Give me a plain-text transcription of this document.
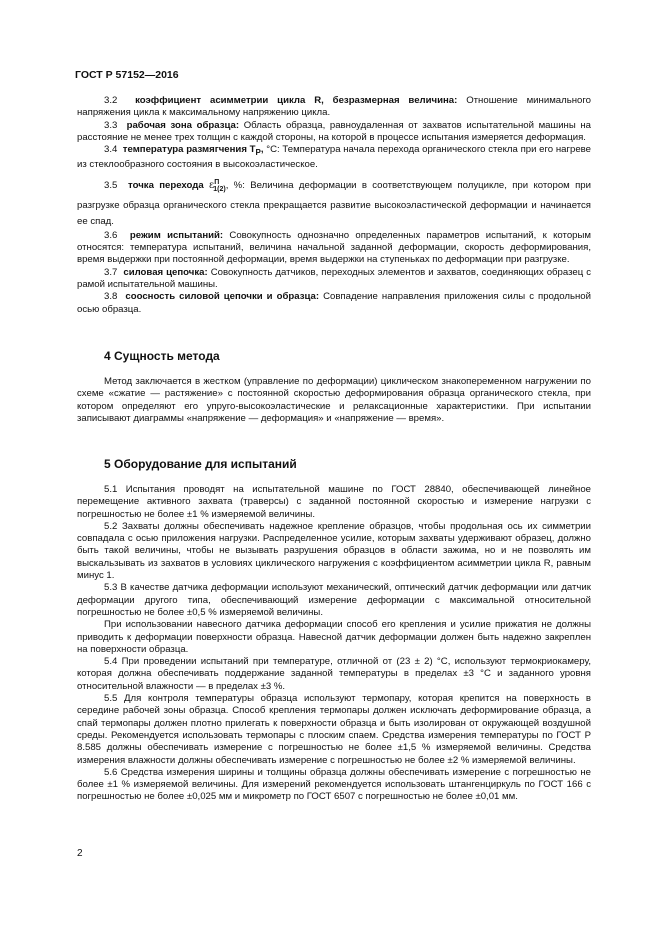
ГОСТ Р 57152—2016

3.2 коэффициент асимметрии цикла R, безразмерная величина: Отношение минимального напряжения цикла к максимальному напряжению цикла.

3.3 рабочая зона образца: Область образца, равноудаленная от захватов испытательной машины на расстояние не менее трех толщин с каждой стороны, на которой в процессе испытания измеряется деформация.

3.4 температура размягчения $T_P$, °С: Температура начала перехода органического стекла при его нагреве из стеклообразного состояния в высокоэластическое.

3.5 точка перехода $\varepsilon^П_{1(2)}$, %: Величина деформации в соответствующем полуцикле, при котором при разгрузке образца органического стекла прекращается развитие высокоэластической деформации и начинается ее спад.

3.6 режим испытаний: Совокупность однозначно определенных параметров испытаний, к которым относятся: температура испытаний, величина начальной заданной деформации, скорость деформирования, время выдержки при постоянной деформации, время выдержки на ступеньках по деформации при разгрузке.

3.7 силовая цепочка: Совокупность датчиков, переходных элементов и захватов, соединяющих образец с рамой испытательной машины.

3.8 соосность силовой цепочки и образца: Совпадение направления приложения силы с продольной осью образца.

4 Сущность метода

Метод заключается в жестком (управление по деформации) циклическом знакопеременном нагружении по схеме «сжатие — растяжение» с постоянной скоростью деформирования образца органического стекла, при котором определяют его упруго-высокоэластические и релаксационные характеристики. При испытании записывают диаграммы «напряжение — деформация» и «напряжение — время».

5 Оборудование для испытаний

5.1 Испытания проводят на испытательной машине по ГОСТ 28840, обеспечивающей линейное перемещение активного захвата (траверсы) с заданной постоянной скоростью и измерение нагрузки с погрешностью не более ±1 % измеряемой величины.

5.2 Захваты должны обеспечивать надежное крепление образцов, чтобы продольная ось их симметрии совпадала с осью приложения нагрузки. Распределенное усилие, которым захваты удерживают образец, должно быть такой величины, чтобы не вызывать разрушения образцов в области зажима, но и не позволять им выскальзывать из захватов в условиях циклического нагружения с коэффициентом асимметрии цикла R, равным минус 1.

5.3 В качестве датчика деформации используют механический, оптический датчик деформации или датчик деформации другого типа, обеспечивающий измерение деформации с максимальной относительной погрешностью не более ±0,5 % измеряемой величины.

При использовании навесного датчика деформации способ его крепления и усилие прижатия не должны приводить к деформации поверхности образца. Навесной датчик деформации должен быть надежно закреплен на поверхности образца.

5.4 При проведении испытаний при температуре, отличной от (23 ± 2) °С, используют термокриокамеру, которая должна обеспечивать поддержание заданной температуры в пределах ±3 °С и заданного уровня относительной влажности — в пределах ±3 %.

5.5 Для контроля температуры образца используют термопару, которая крепится на поверхность в середине рабочей зоны образца. Способ крепления термопары должен исключать деформирование образца, а спай термопары должен плотно прилегать к поверхности образца и быть изолирован от окружающей воздушной среды. Рекомендуется использовать термопары с плоским спаем. Средства измерения температуры по ГОСТ Р 8.585 должны обеспечивать измерение с погрешностью не более ±1,5 % измеряемой величины. Средства измерения влажности должны обеспечивать измерение с погрешностью не более ±2 % измеряемой величины.

5.6 Средства измерения ширины и толщины образца должны обеспечивать измерение с погрешностью не более ±1 % измеряемой величины. Для измерений рекомендуется использовать штангенциркуль по ГОСТ 166 с погрешностью не более ±0,025 мм и микрометр по ГОСТ 6507 с погрешностью не более ±0,01 мм.

2
